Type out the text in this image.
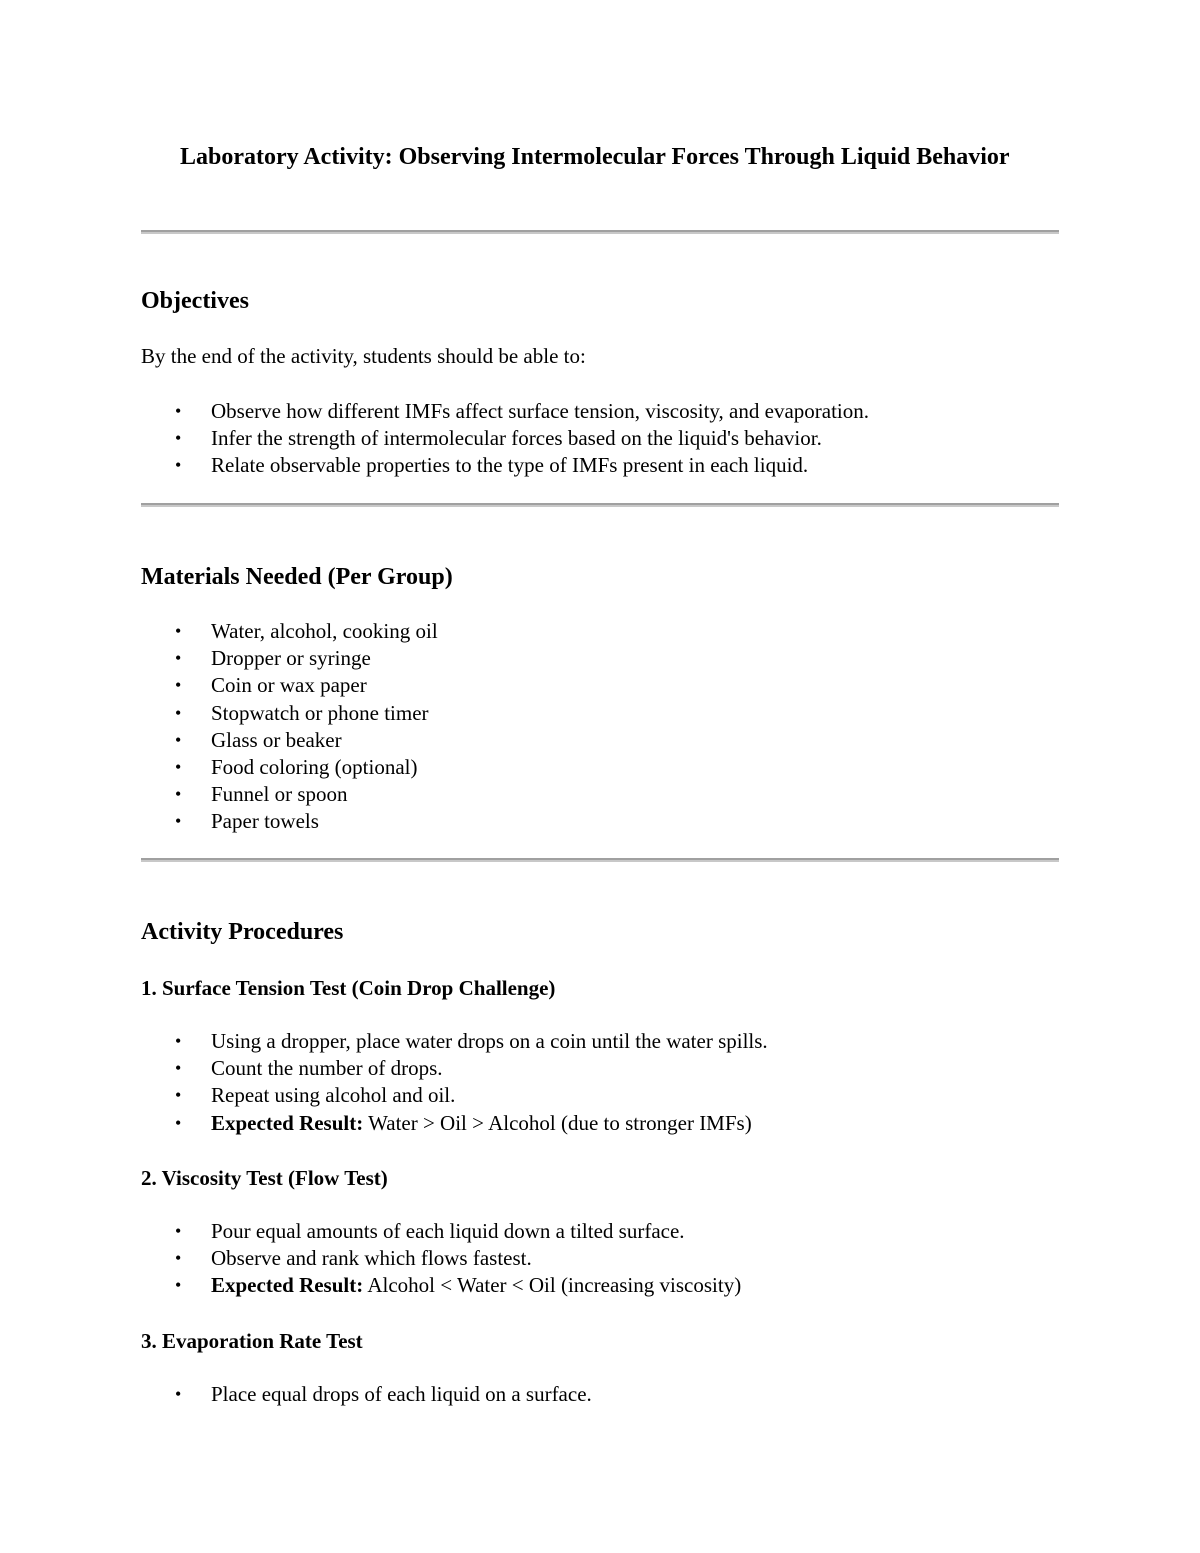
Laboratory Activity: Observing Intermolecular Forces Through Liquid Behavior
Objectives

By the end of the activity, students should be able to:

• Observe how different IMFs affect surface tension, viscosity, and evaporation.
• Infer the strength of intermolecular forces based on the liquid's behavior.
• Relate observable properties to the type of IMFs present in each liquid.
Materials Needed (Per Group)
• Water, alcohol, cooking oil
• Dropper or syringe
• Coin or wax paper
• Stopwatch or phone timer
• Glass or beaker
• Food coloring (optional)
• Funnel or spoon
• Paper towels
Activity Procedures
1. Surface Tension Test (Coin Drop Challenge)
• Using a dropper, place water drops on a coin until the water spills.
• Count the number of drops.
• Repeat using alcohol and oil.
• Expected Result: Water > Oil > Alcohol (due to stronger IMFs)
2. Viscosity Test (Flow Test)
• Pour equal amounts of each liquid down a tilted surface.
• Observe and rank which flows fastest.
• Expected Result: Alcohol < Water < Oil (increasing viscosity)
3. Evaporation Rate Test
• Place equal drops of each liquid on a surface.
